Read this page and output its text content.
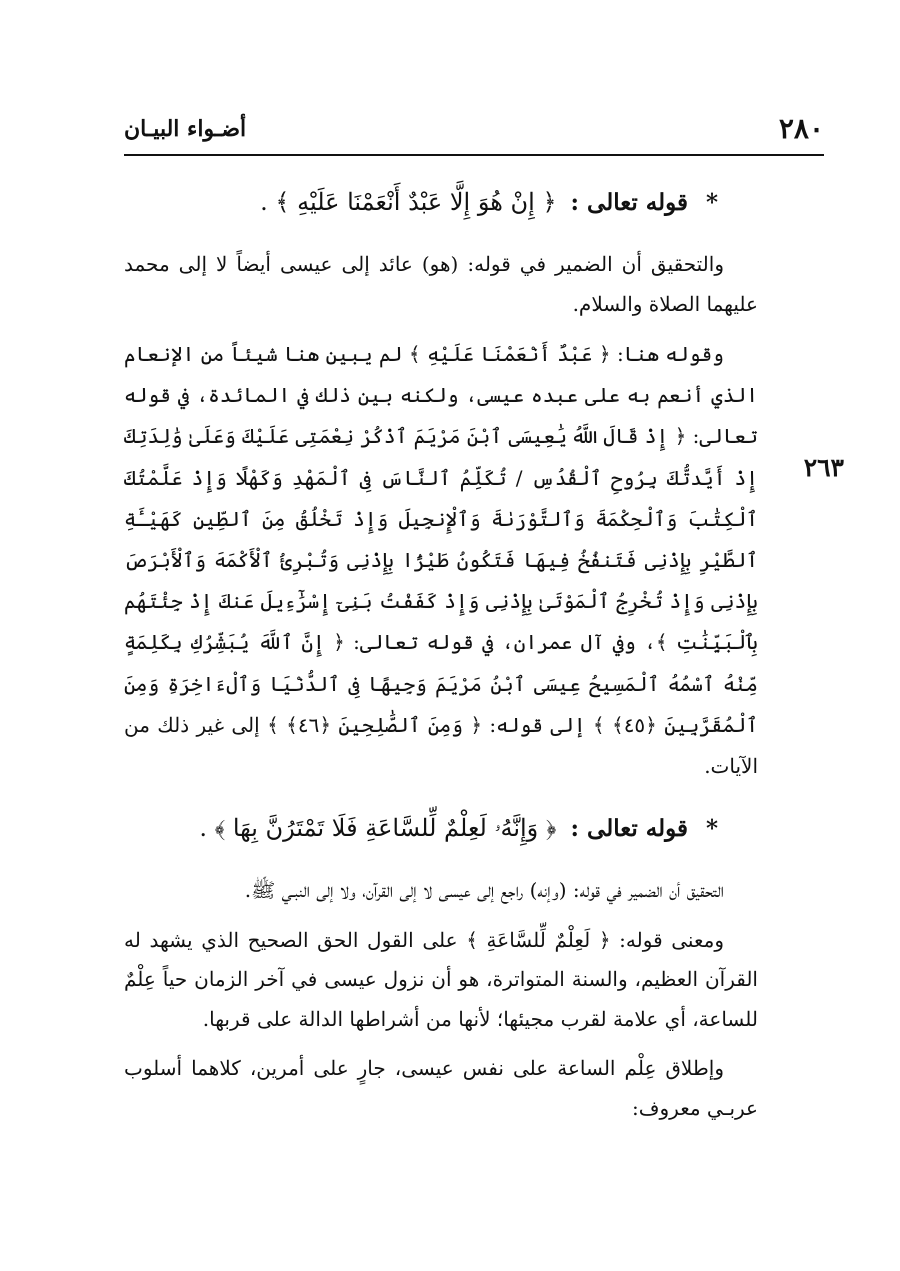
٢٨٠
أضـواء البيـان
٢٦٣
* قوله تعالى : ﴿ إِنْ هُوَ إِلَّا عَبْدٌ أَنْعَمْنَا عَلَيْهِ ﴾ .

والتحقيق أن الضمير في قوله: (هو) عائد إلى عيسى أيضاً لا إلى محمد عليهما الصلاة والسلام.

وقوله هنا: ﴿ عَبْدٌ أَنْعَمْنَا عَلَيْهِ ﴾ لم يبين هنا شيئاً من الإنعام الذي أنعم به على عبده عيسى، ولكنه بين ذلك في المائدة، في قوله تعالى: ﴿ إِذْ قَالَ اللَّهُ يَٰعِيسَى ٱبْنَ مَرْيَمَ ٱذْكُرْ نِعْمَتِى عَلَيْكَ وَعَلَىٰ وَٰلِدَتِكَ إِذْ أَيَّدتُّكَ بِرُوحِ ٱلْقُدُسِ / تُكَلِّمُ ٱلنَّاسَ فِى ٱلْمَهْدِ وَكَهْلًا وَإِذْ عَلَّمْتُكَ ٱلْكِتَٰبَ وَٱلْحِكْمَةَ وَٱلتَّوْرَىٰةَ وَٱلْإِنجِيلَ وَإِذْ تَخْلُقُ مِنَ ٱلطِّينِ كَهَيْـَٔةِ ٱلطَّيْرِ بِإِذْنِى فَتَنفُخُ فِيهَا فَتَكُونُ طَيْرًۢا بِإِذْنِى وَتُبْرِئُ ٱلْأَكْمَهَ وَٱلْأَبْرَصَ بِإِذْنِى وَإِذْ تُخْرِجُ ٱلْمَوْتَىٰ بِإِذْنِى وَإِذْ كَفَفْتُ بَنِىٓ إِسْرَٰٓءِيلَ عَنكَ إِذْ جِئْتَهُم بِٱلْبَيِّنَٰتِ ﴾، وفي آل عمران، في قوله تعالى: ﴿ إِنَّ ٱللَّهَ يُبَشِّرُكِ بِكَلِمَةٍ مِّنْهُ ٱسْمُهُ ٱلْمَسِيحُ عِيسَى ٱبْنُ مَرْيَمَ وَجِيهًا فِى ٱلدُّنْيَا وَٱلْءَاخِرَةِ وَمِنَ ٱلْمُقَرَّبِينَ ﴿٤٥﴾ ﴾ إلى قوله: ﴿ وَمِنَ ٱلصَّٰلِحِينَ ﴿٤٦﴾ ﴾ إلى غير ذلك من الآيات.

* قوله تعالى : ﴿ وَإِنَّهُۥ لَعِلْمٌ لِّلسَّاعَةِ فَلَا تَمْتَرُنَّ بِهَا ﴾ .

التحقيق أن الضمير في قوله: (وإنه) راجع إلى عيسى لا إلى القرآن، ولا إلى النبـي ﷺ.

ومعنى قوله: ﴿ لَعِلْمٌ لِّلسَّاعَةِ ﴾ على القول الحق الصحيح الذي يشهد له القرآن العظيم، والسنة المتواترة، هو أن نزول عيسى في آخر الزمان حياً عِلْمٌ للساعة، أي علامة لقرب مجيئها؛ لأنها من أشراطها الدالة على قربها.

وإطلاق عِلْم الساعة على نفس عيسى، جارٍ على أمرين، كلاهما أسلوب عربـي معروف:
